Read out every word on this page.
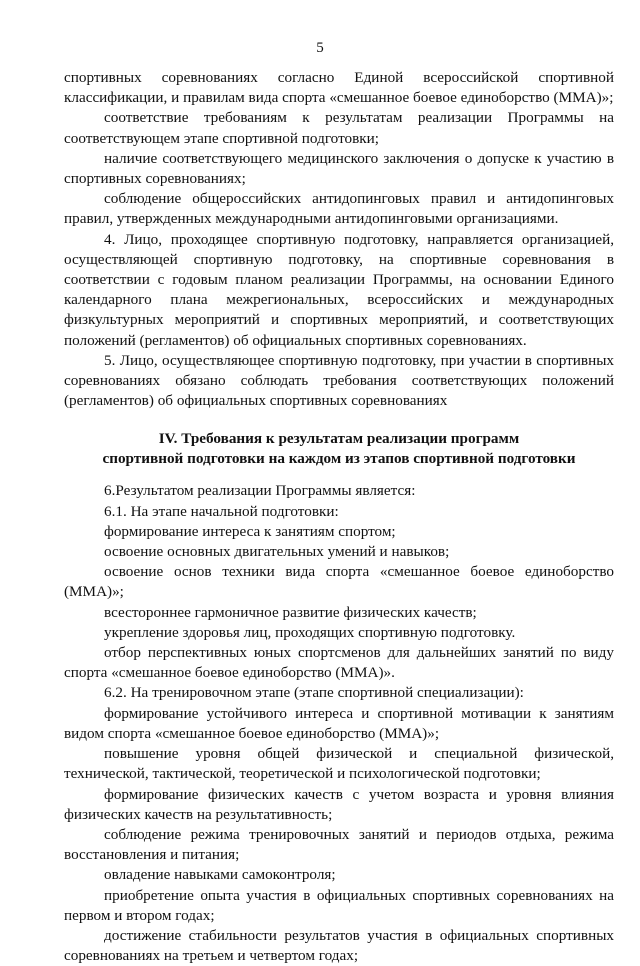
5

спортивных соревнованиях согласно Единой всероссийской спортивной классификации, и правилам вида спорта «смешанное боевое единоборство (ММА)»;

соответствие требованиям к результатам реализации Программы на соответствующем этапе спортивной подготовки;

наличие соответствующего медицинского заключения о допуске к участию в спортивных соревнованиях;

соблюдение общероссийских антидопинговых правил и антидопинговых правил, утвержденных международными антидопинговыми организациями.

4. Лицо, проходящее спортивную подготовку, направляется организацией, осуществляющей спортивную подготовку, на спортивные соревнования в соответствии с годовым планом реализации Программы, на основании Единого календарного плана межрегиональных, всероссийских и международных физкультурных мероприятий и спортивных мероприятий, и соответствующих положений (регламентов) об официальных спортивных соревнованиях.

5. Лицо, осуществляющее спортивную подготовку, при участии в спортивных соревнованиях обязано соблюдать требования соответствующих положений (регламентов) об официальных спортивных соревнованиях

IV. Требования к результатам реализации программ
спортивной подготовки на каждом из этапов спортивной подготовки

6.Результатом реализации Программы является:

6.1. На этапе начальной подготовки:

формирование интереса к занятиям спортом;

освоение основных двигательных умений и навыков;

освоение основ техники вида спорта «смешанное боевое единоборство (ММА)»;

всестороннее гармоничное развитие физических качеств;

укрепление здоровья лиц, проходящих спортивную подготовку.

отбор перспективных юных спортсменов для дальнейших занятий по виду спорта «смешанное боевое единоборство (ММА)».

6.2. На тренировочном этапе (этапе спортивной специализации):

формирование устойчивого интереса и спортивной мотивации к занятиям видом спорта «смешанное боевое единоборство (ММА)»;

повышение уровня общей физической и специальной физической, технической, тактической, теоретической и психологической подготовки;

формирование физических качеств с учетом возраста и уровня влияния физических качеств на результативность;

соблюдение режима тренировочных занятий и периодов отдыха, режима восстановления и питания;

овладение навыками самоконтроля;

приобретение опыта участия в официальных спортивных соревнованиях на первом и втором годах;

достижение стабильности результатов участия в официальных спортивных соревнованиях на третьем и четвертом годах;
